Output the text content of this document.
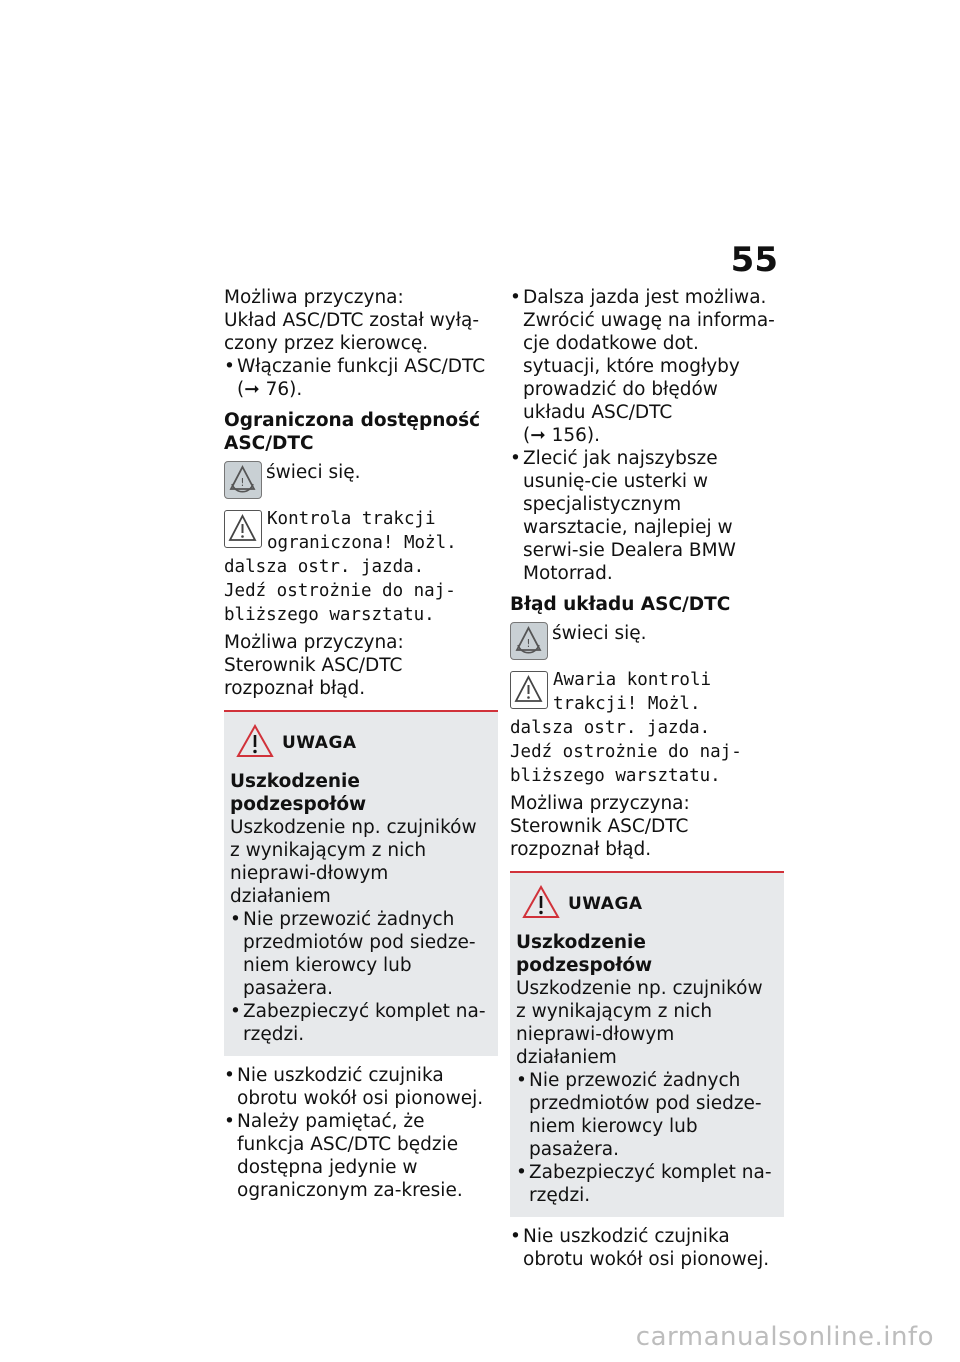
55

Możliwa przyczyna:

Układ ASC/DTC został wyłą-czony przez kierowcę.

• Włączanie funkcji ASC/DTC
(➞ 76).

Ograniczona dostępność ASC/DTC

! świeci się.
Kontrola trakcji
ograniczona! Możl.
dalsza ostr. jazda.
Jedź ostrożnie do naj-
bliższego warsztatu.

Możliwa przyczyna:

Sterownik ASC/DTC rozpoznał błąd.

UWAGA

Uszkodzenie podzespołów

Uszkodzenie np. czujników z wynikającym z nich nieprawi-dłowym działaniem

• Nie przewozić żadnych przedmiotów pod siedze-niem kierowcy lub pasażera.
• Zabezpieczyć komplet na-rzędzi.
• Nie uszkodzić czujnika obrotu wokół osi pionowej.
• Należy pamiętać, że funkcja ASC/DTC będzie dostępna jedynie w ograniczonym za-kresie.
• Dalsza jazda jest możliwa. Zwrócić uwagę na informa-cje dodatkowe dot. sytuacji, które mogłyby prowadzić do błędów układu ASC/DTC
(➞ 156).
• Zlecić jak najszybsze usunię-cie usterki w specjalistycznym warsztacie, najlepiej w serwi-sie Dealera BMW Motorrad.

Błąd układu ASC/DTC

! świeci się.
Awaria kontroli
trakcji! Możl.
dalsza ostr. jazda.
Jedź ostrożnie do naj-
bliższego warsztatu.

Możliwa przyczyna:

Sterownik ASC/DTC rozpoznał błąd.

UWAGA

Uszkodzenie podzespołów

Uszkodzenie np. czujników z wynikającym z nich nieprawi-dłowym działaniem

• Nie przewozić żadnych przedmiotów pod siedze-niem kierowcy lub pasażera.
• Zabezpieczyć komplet na-rzędzi.
• Nie uszkodzić czujnika obrotu wokół osi pionowej.
carmanualsonline.info
